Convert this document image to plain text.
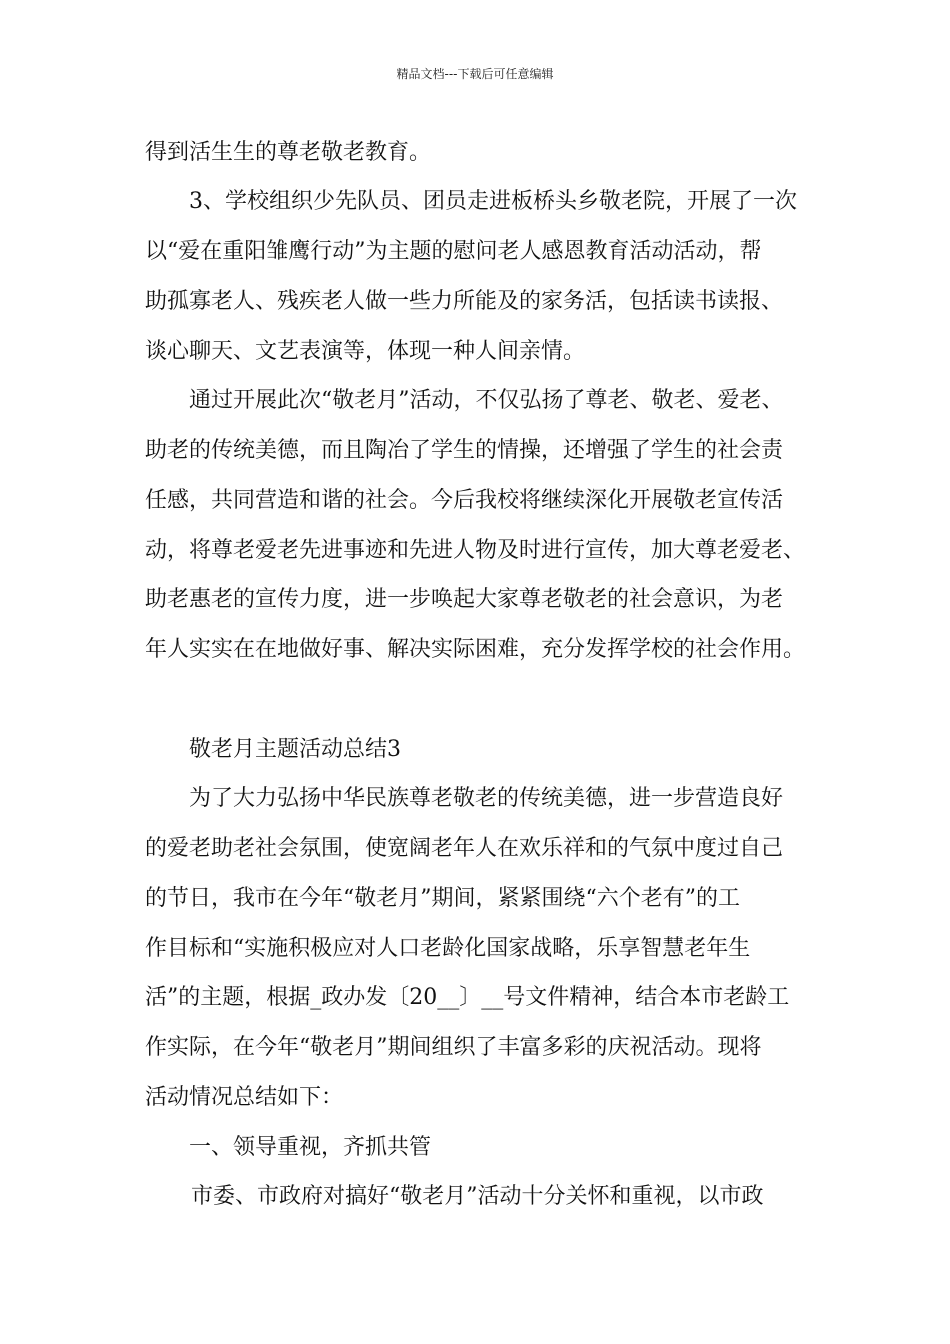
精品文档---下载后可任意编辑
得到活生生的尊老敬老教育。
3、学校组织少先队员、团员走进板桥头乡敬老院，开展了一次
以“爱在重阳雏鹰行动”为主题的慰问老人感恩教育活动活动，帮
助孤寡老人、残疾老人做一些力所能及的家务活，包括读书读报、
谈心聊天、文艺表演等，体现一种人间亲情。
通过开展此次“敬老月”活动，不仅弘扬了尊老、敬老、爱老、
助老的传统美德，而且陶冶了学生的情操，还增强了学生的社会责
任感，共同营造和谐的社会。今后我校将继续深化开展敬老宣传活
动，将尊老爱老先进事迹和先进人物及时进行宣传，加大尊老爱老、
助老惠老的宣传力度，进一步唤起大家尊老敬老的社会意识，为老
年人实实在在地做好事、解决实际困难，充分发挥学校的社会作用。
敬老月主题活动总结3
为了大力弘扬中华民族尊老敬老的传统美德，进一步营造良好
的爱老助老社会氛围，使宽阔老年人在欢乐祥和的气氛中度过自己
的节日，我市在今年“敬老月”期间，紧紧围绕“六个老有”的工
作目标和“实施积极应对人口老龄化国家战略，乐享智慧老年生
活”的主题，根据_政办发〔20__〕__号文件精神，结合本市老龄工
作实际，在今年“敬老月”期间组织了丰富多彩的庆祝活动。现将
活动情况总结如下：
一、领导重视，齐抓共管
市委、市政府对搞好“敬老月”活动十分关怀和重视，以市政
